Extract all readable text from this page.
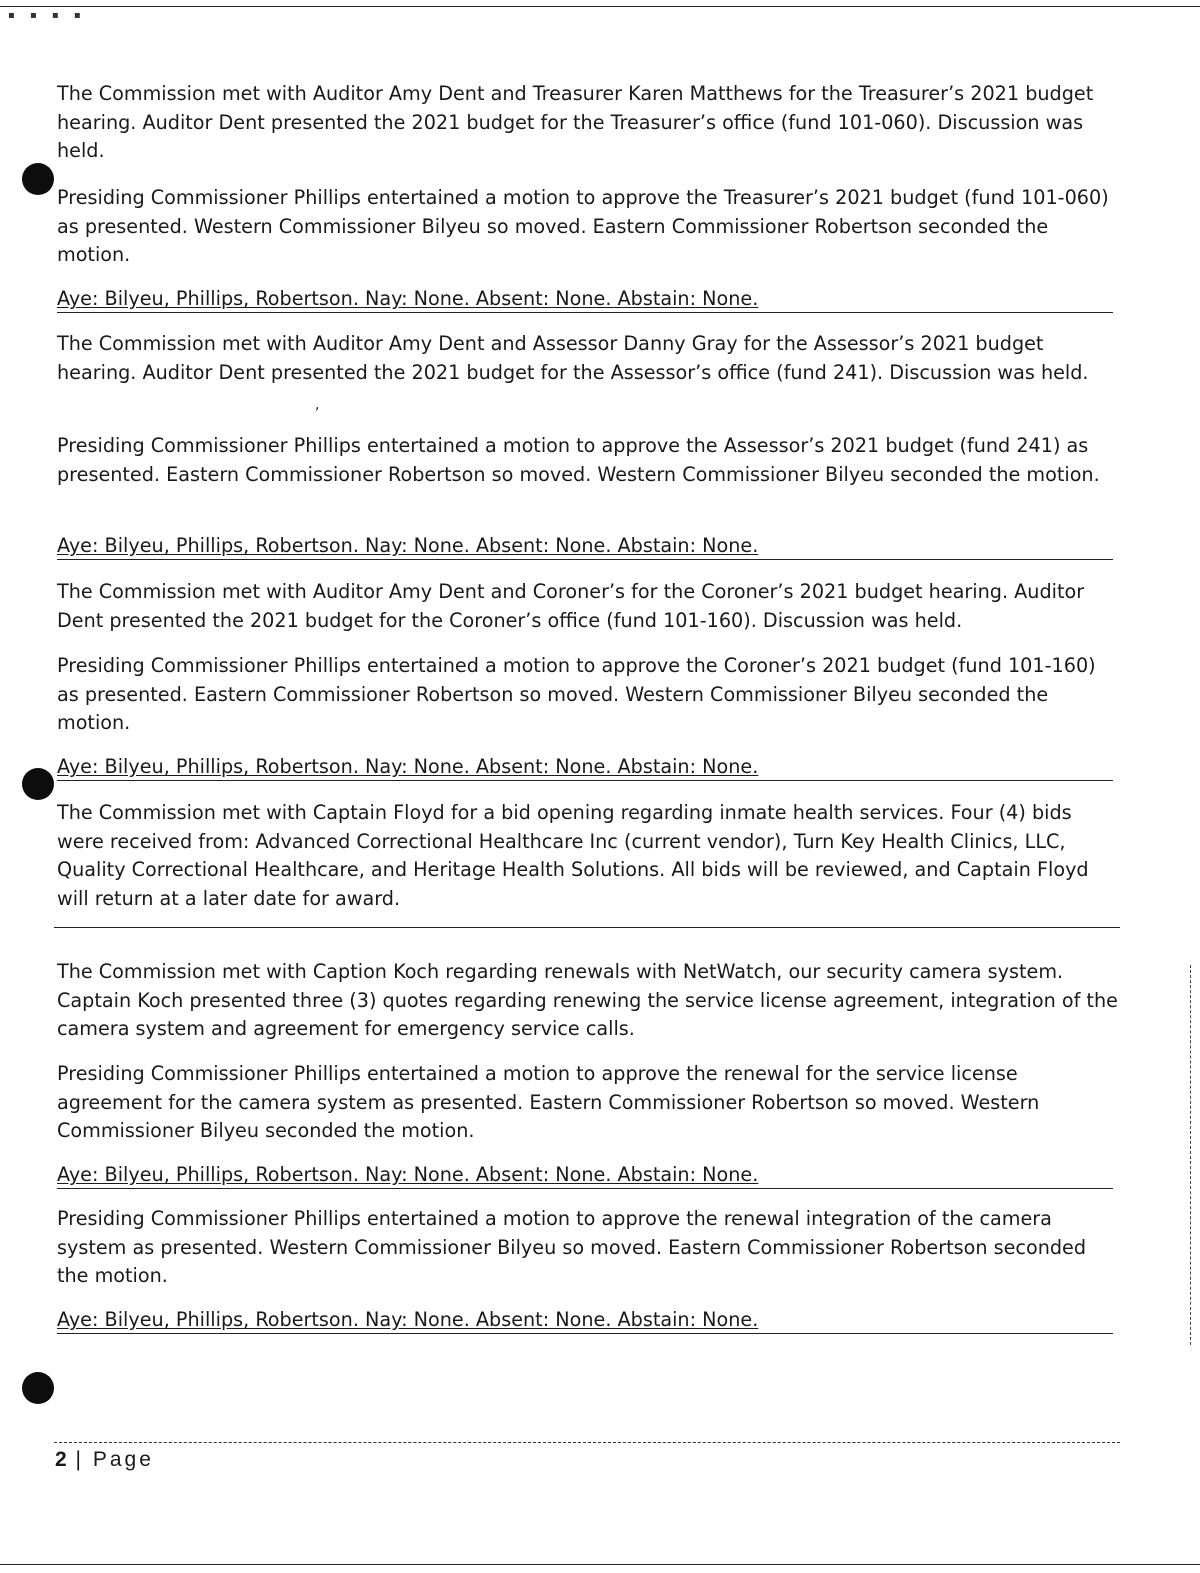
▪ ▪ ▪ ▪

The Commission met with Auditor Amy Dent and Treasurer Karen Matthews for the Treasurer’s 2021 budget hearing. Auditor Dent presented the 2021 budget for the Treasurer’s office (fund 101-060). Discussion was held.

Presiding Commissioner Phillips entertained a motion to approve the Treasurer’s 2021 budget (fund 101-060) as presented. Western Commissioner Bilyeu so moved. Eastern Commissioner Robertson seconded the motion.

Aye: Bilyeu, Phillips, Robertson. Nay: None. Absent: None. Abstain: None.

The Commission met with Auditor Amy Dent and Assessor Danny Gray for the Assessor’s 2021 budget hearing. Auditor Dent presented the 2021 budget for the Assessor’s office (fund 241). Discussion was held.

,

Presiding Commissioner Phillips entertained a motion to approve the Assessor’s 2021 budget (fund 241) as presented. Eastern Commissioner Robertson so moved. Western Commissioner Bilyeu seconded the motion.

Aye: Bilyeu, Phillips, Robertson. Nay: None. Absent: None. Abstain: None.

The Commission met with Auditor Amy Dent and Coroner’s for the Coroner’s 2021 budget hearing. Auditor Dent presented the 2021 budget for the Coroner’s office (fund 101-160). Discussion was held.

Presiding Commissioner Phillips entertained a motion to approve the Coroner’s 2021 budget (fund 101-160) as presented. Eastern Commissioner Robertson so moved. Western Commissioner Bilyeu seconded the motion.

Aye: Bilyeu, Phillips, Robertson. Nay: None. Absent: None. Abstain: None.

The Commission met with Captain Floyd for a bid opening regarding inmate health services. Four (4) bids were received from: Advanced Correctional Healthcare Inc (current vendor), Turn Key Health Clinics, LLC, Quality Correctional Healthcare, and Heritage Health Solutions. All bids will be reviewed, and Captain Floyd will return at a later date for award.

The Commission met with Caption Koch regarding renewals with NetWatch, our security camera system. Captain Koch presented three (3) quotes regarding renewing the service license agreement, integration of the camera system and agreement for emergency service calls.

Presiding Commissioner Phillips entertained a motion to approve the renewal for the service license agreement for the camera system as presented. Eastern Commissioner Robertson so moved. Western Commissioner Bilyeu seconded the motion.

Aye: Bilyeu, Phillips, Robertson. Nay: None. Absent: None. Abstain: None.

Presiding Commissioner Phillips entertained a motion to approve the renewal integration of the camera system as presented. Western Commissioner Bilyeu so moved. Eastern Commissioner Robertson seconded the motion.

Aye: Bilyeu, Phillips, Robertson. Nay: None. Absent: None. Abstain: None.

2 | Page
